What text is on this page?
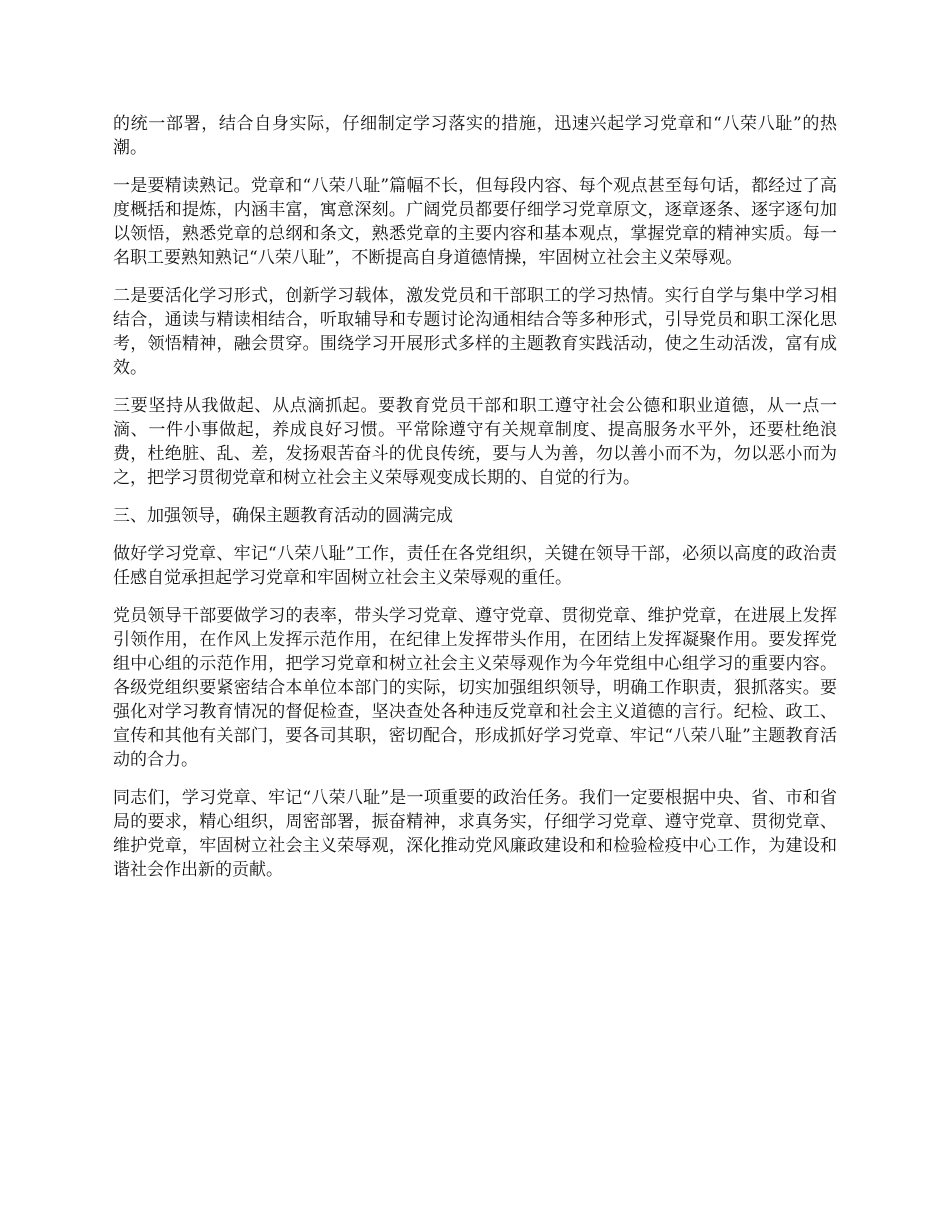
的统一部署，结合自身实际，仔细制定学习落实的措施，迅速兴起学习党章和“八荣八耻”的热潮。

一是要精读熟记。党章和“八荣八耻”篇幅不长，但每段内容、每个观点甚至每句话，都经过了高度概括和提炼，内涵丰富，寓意深刻。广阔党员都要仔细学习党章原文，逐章逐条、逐字逐句加以领悟，熟悉党章的总纲和条文，熟悉党章的主要内容和基本观点，掌握党章的精神实质。每一名职工要熟知熟记“八荣八耻”，不断提高自身道德情操，牢固树立社会主义荣辱观。

二是要活化学习形式，创新学习载体，激发党员和干部职工的学习热情。实行自学与集中学习相结合，通读与精读相结合，听取辅导和专题讨论沟通相结合等多种形式，引导党员和职工深化思考，领悟精神，融会贯穿。围绕学习开展形式多样的主题教育实践活动，使之生动活泼，富有成效。

三要坚持从我做起、从点滴抓起。要教育党员干部和职工遵守社会公德和职业道德，从一点一滴、一件小事做起，养成良好习惯。平常除遵守有关规章制度、提高服务水平外，还要杜绝浪费，杜绝脏、乱、差，发扬艰苦奋斗的优良传统，要与人为善，勿以善小而不为，勿以恶小而为之，把学习贯彻党章和树立社会主义荣辱观变成长期的、自觉的行为。

三、加强领导，确保主题教育活动的圆满完成

做好学习党章、牢记“八荣八耻”工作，责任在各党组织，关键在领导干部，必须以高度的政治责任感自觉承担起学习党章和牢固树立社会主义荣辱观的重任。

党员领导干部要做学习的表率，带头学习党章、遵守党章、贯彻党章、维护党章，在进展上发挥引领作用，在作风上发挥示范作用，在纪律上发挥带头作用，在团结上发挥凝聚作用。要发挥党组中心组的示范作用，把学习党章和树立社会主义荣辱观作为今年党组中心组学习的重要内容。各级党组织要紧密结合本单位本部门的实际，切实加强组织领导，明确工作职责，狠抓落实。要强化对学习教育情况的督促检查，坚决查处各种违反党章和社会主义道德的言行。纪检、政工、宣传和其他有关部门，要各司其职，密切配合，形成抓好学习党章、牢记“八荣八耻”主题教育活动的合力。

同志们，学习党章、牢记“八荣八耻”是一项重要的政治任务。我们一定要根据中央、省、市和省局的要求，精心组织，周密部署，振奋精神，求真务实，仔细学习党章、遵守党章、贯彻党章、维护党章，牢固树立社会主义荣辱观，深化推动党风廉政建设和和检验检疫中心工作，为建设和谐社会作出新的贡献。
